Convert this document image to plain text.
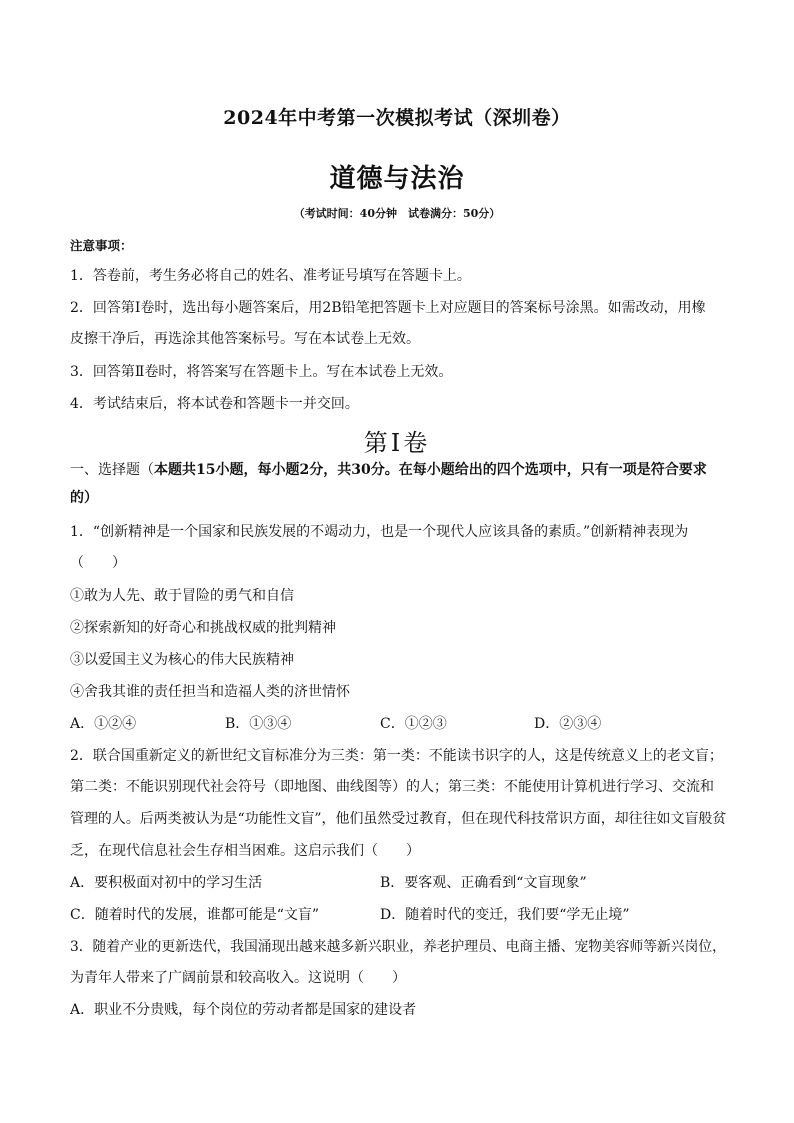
2024年中考第一次模拟考试（深圳卷）
道德与法治
（考试时间：40分钟　试卷满分：50分）
注意事项：
1．答卷前，考生务必将自己的姓名、准考证号填写在答题卡上。
2．回答第Ⅰ卷时，选出每小题答案后，用2B铅笔把答题卡上对应题目的答案标号涂黑。如需改动，用橡
皮擦干净后，再选涂其他答案标号。写在本试卷上无效。
3．回答第Ⅱ卷时，将答案写在答题卡上。写在本试卷上无效。
4．考试结束后，将本试卷和答题卡一并交回。
第Ⅰ卷
一、选择题（本题共15小题，每小题2分，共30分。在每小题给出的四个选项中，只有一项是符合要求
的）
1．“创新精神是一个国家和民族发展的不竭动力，也是一个现代人应该具备的素质。”创新精神表现为
（　　）
①敢为人先、敢于冒险的勇气和自信
②探索新知的好奇心和挑战权威的批判精神
③以爱国主义为核心的伟大民族精神
④舍我其谁的责任担当和造福人类的济世情怀
A．①②④	B．①③④	C．①②③	D．②③④
2．联合国重新定义的新世纪文盲标准分为三类：第一类：不能读书识字的人，这是传统意义上的老文盲；
第二类：不能识别现代社会符号（即地图、曲线图等）的人；第三类：不能使用计算机进行学习、交流和
管理的人。后两类被认为是“功能性文盲”，他们虽然受过教育，但在现代科技常识方面，却往往如文盲般贫
乏，在现代信息社会生存相当困难。这启示我们（　　）
A．要积极面对初中的学习生活	B．要客观、正确看到“文盲现象”
C．随着时代的发展，谁都可能是“文盲”	D．随着时代的变迁，我们要“学无止境”
3．随着产业的更新迭代，我国涌现出越来越多新兴职业，养老护理员、电商主播、宠物美容师等新兴岗位，
为青年人带来了广阔前景和较高收入。这说明（　　）
A．职业不分贵贱，每个岗位的劳动者都是国家的建设者
